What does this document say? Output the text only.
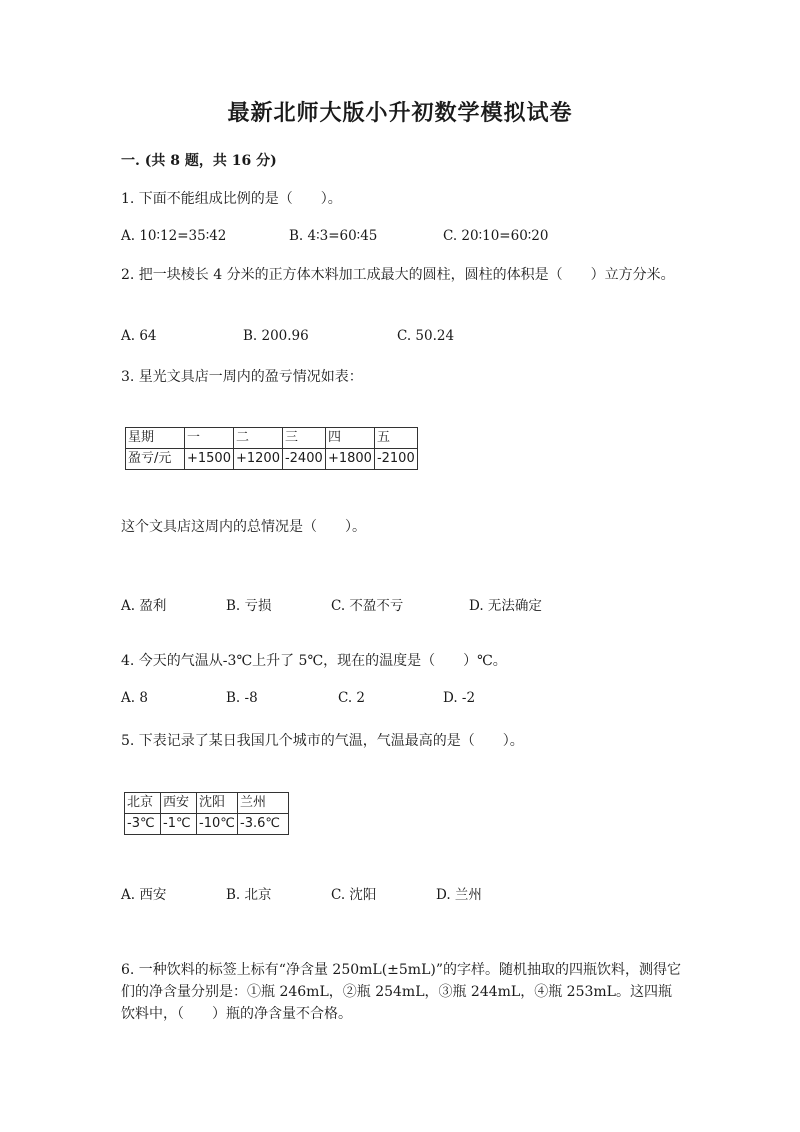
最新北师大版小升初数学模拟试卷
一. (共 8 题，共 16 分)
1. 下面不能组成比例的是（　　）。
A. 10∶12=35∶42	B. 4∶3=60∶45	C. 20∶10=60∶20
2. 把一块棱长 4 分米的正方体木料加工成最大的圆柱，圆柱的体积是（　　）立方分米。
A. 64	B. 200.96	C. 50.24
3. 星光文具店一周内的盈亏情况如表：
星期	一	二	三	四	五
盈亏/元	+1500	+1200	-2400	+1800	-2100
这个文具店这周内的总情况是（　　）。
A. 盈利	B. 亏损	C. 不盈不亏	D. 无法确定
4. 今天的气温从-3℃上升了 5℃，现在的温度是（　　）℃。
A. 8	B. -8	C. 2	D. -2
5. 下表记录了某日我国几个城市的气温，气温最高的是（　　）。
北京	西安	沈阳	兰州
-3℃	-1℃	-10℃	-3.6℃
A. 西安	B. 北京	C. 沈阳	D. 兰州
6. 一种饮料的标签上标有“净含量 250mL(±5mL)”的字样。随机抽取的四瓶饮料，测得它们的净含量分别是：①瓶 246mL，②瓶 254mL，③瓶 244mL，④瓶 253mL。这四瓶饮料中，（　　）瓶的净含量不合格。
